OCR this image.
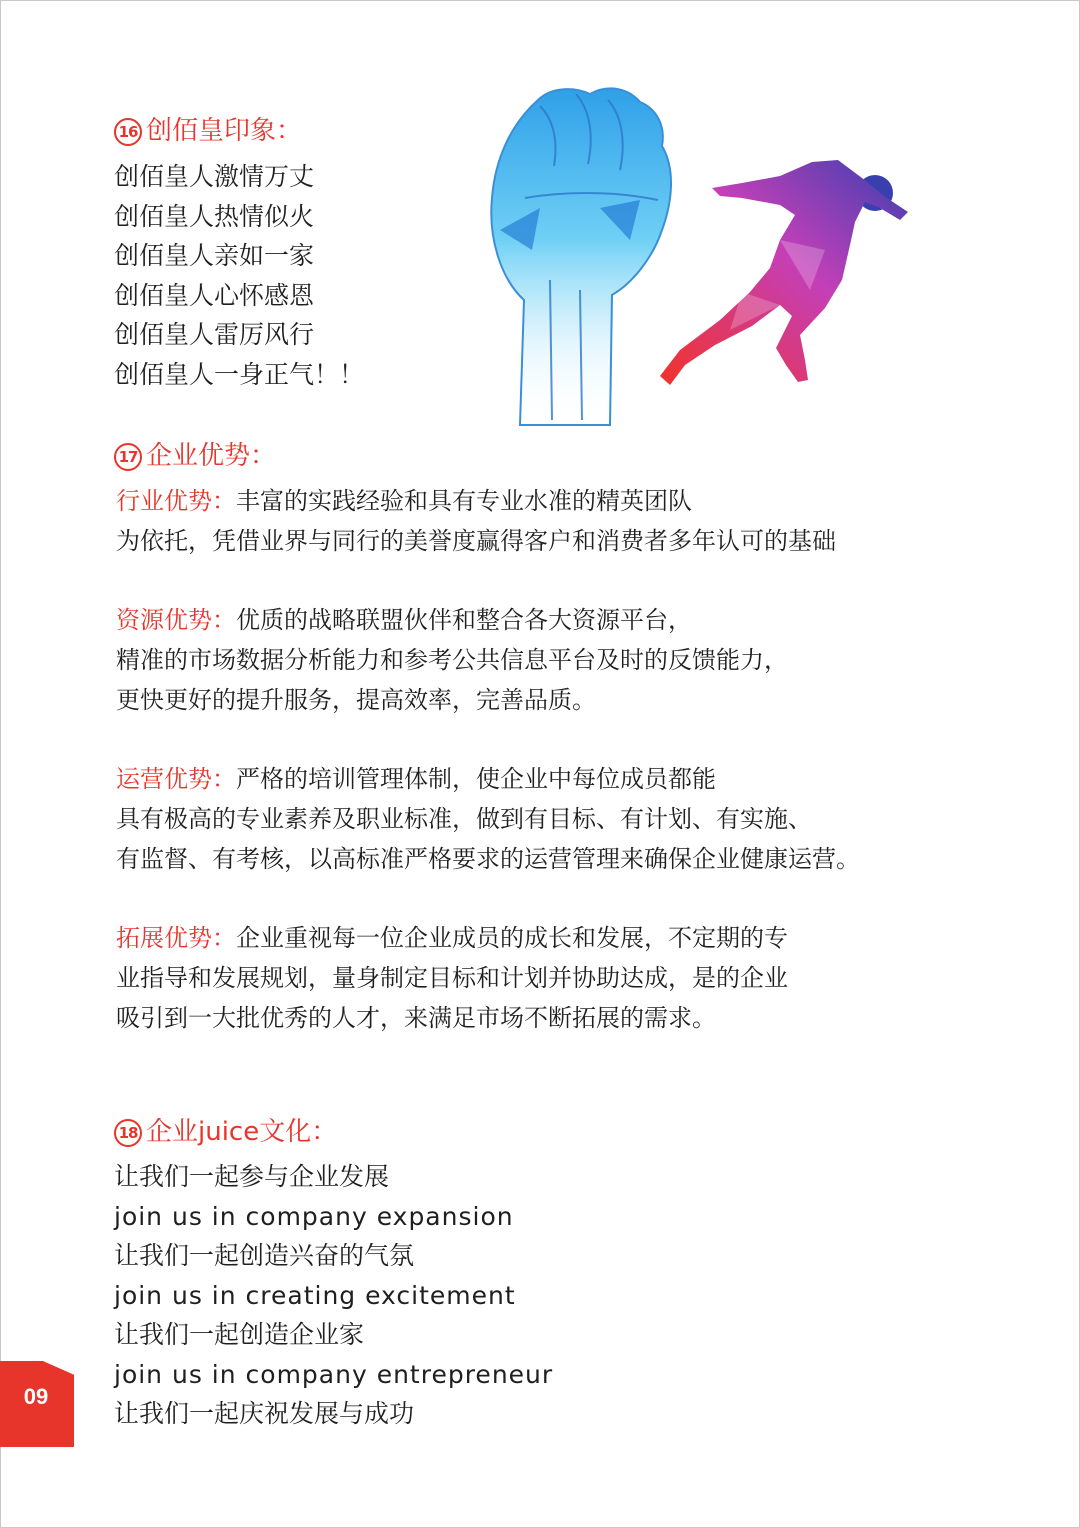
16 创佰皇印象：
创佰皇人激情万丈
创佰皇人热情似火
创佰皇人亲如一家
创佰皇人心怀感恩
创佰皇人雷厉风行
创佰皇人一身正气！！
17 企业优势：

行业优势：丰富的实践经验和具有专业水准的精英团队

为依托，凭借业界与同行的美誉度赢得客户和消费者多年认可的基础

资源优势：优质的战略联盟伙伴和整合各大资源平台，

精准的市场数据分析能力和参考公共信息平台及时的反馈能力，

更快更好的提升服务，提高效率，完善品质。

运营优势：严格的培训管理体制，使企业中每位成员都能

具有极高的专业素养及职业标准，做到有目标、有计划、有实施、

有监督、有考核，以高标准严格要求的运营管理来确保企业健康运营。

拓展优势：企业重视每一位企业成员的成长和发展，不定期的专

业指导和发展规划，量身制定目标和计划并协助达成，是的企业

吸引到一大批优秀的人才，来满足市场不断拓展的需求。

18 企业juice文化：
让我们一起参与企业发展
join us in company expansion
让我们一起创造兴奋的气氛
join us in creating excitement
让我们一起创造企业家
join us in company entrepreneur
让我们一起庆祝发展与成功
09
